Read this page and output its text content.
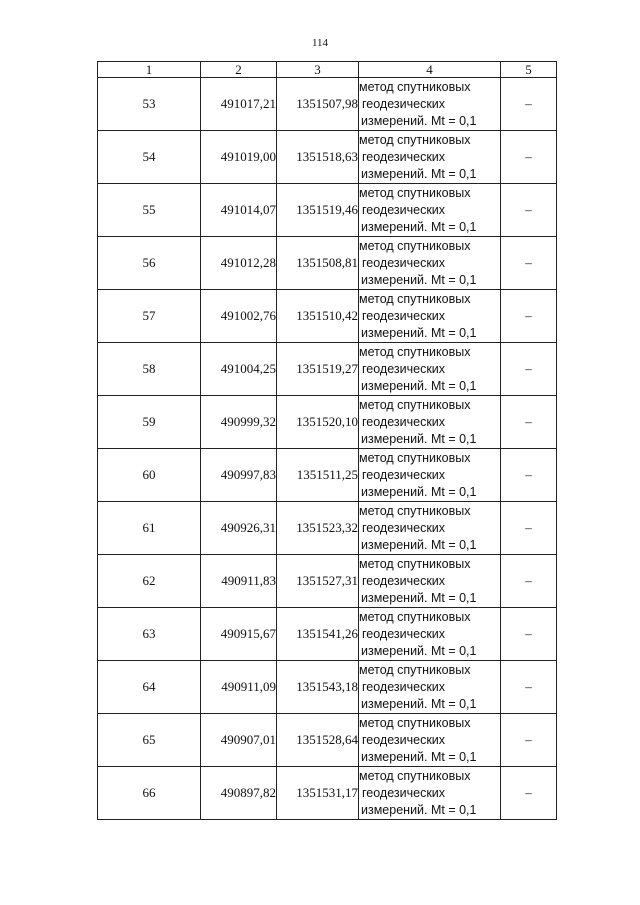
114
1	2	3	4	5
53	491017,21	1351507,98	метод спутниковых
геодезических
измерений. Mt = 0,1	–
54	491019,00	1351518,63	метод спутниковых
геодезических
измерений. Mt = 0,1	–
55	491014,07	1351519,46	метод спутниковых
геодезических
измерений. Mt = 0,1	–
56	491012,28	1351508,81	метод спутниковых
геодезических
измерений. Mt = 0,1	–
57	491002,76	1351510,42	метод спутниковых
геодезических
измерений. Mt = 0,1	–
58	491004,25	1351519,27	метод спутниковых
геодезических
измерений. Mt = 0,1	–
59	490999,32	1351520,10	метод спутниковых
геодезических
измерений. Mt = 0,1	–
60	490997,83	1351511,25	метод спутниковых
геодезических
измерений. Mt = 0,1	–
61	490926,31	1351523,32	метод спутниковых
геодезических
измерений. Mt = 0,1	–
62	490911,83	1351527,31	метод спутниковых
геодезических
измерений. Mt = 0,1	–
63	490915,67	1351541,26	метод спутниковых
геодезических
измерений. Mt = 0,1	–
64	490911,09	1351543,18	метод спутниковых
геодезических
измерений. Mt = 0,1	–
65	490907,01	1351528,64	метод спутниковых
геодезических
измерений. Mt = 0,1	–
66	490897,82	1351531,17	метод спутниковых
геодезических
измерений. Mt = 0,1	–
